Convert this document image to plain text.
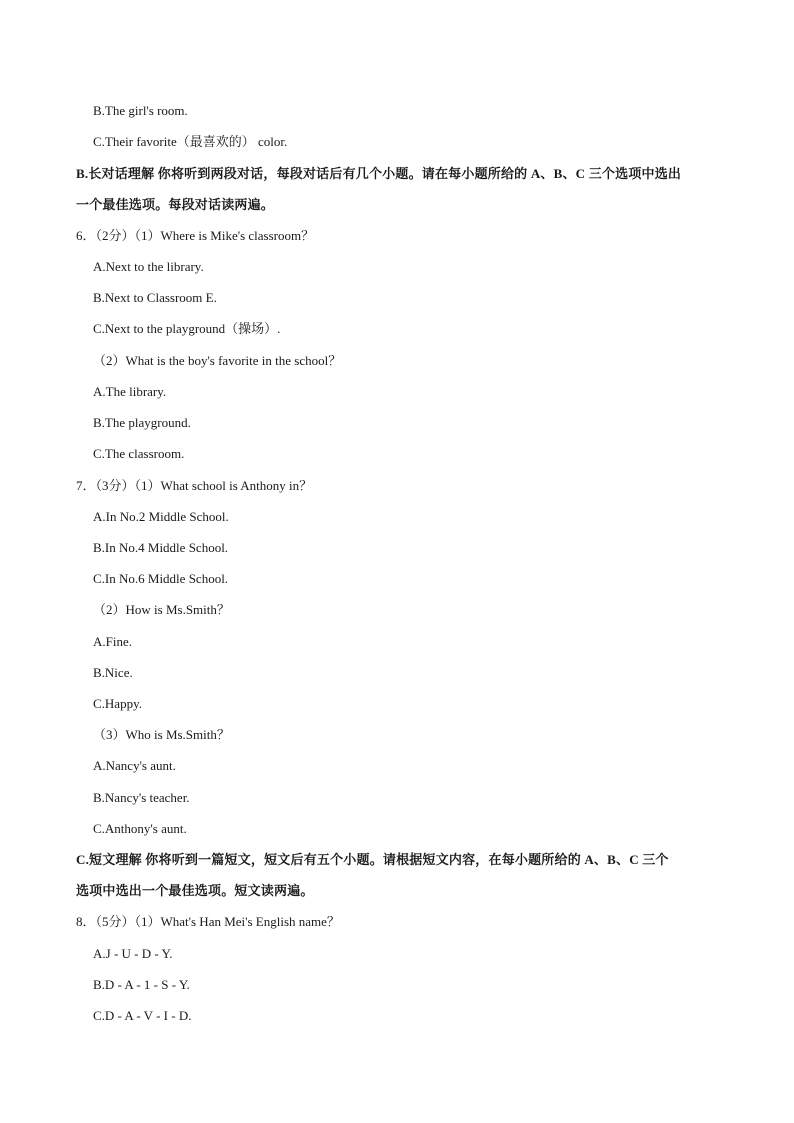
B.The girl's room.
C.Their favorite（最喜欢的） color.
B.长对话理解 你将听到两段对话，每段对话后有几个小题。请在每小题所给的 A、B、C 三个选项中选出
一个最佳选项。每段对话读两遍。
6．（2分）（1）Where is Mike's classroom？
A.Next to the library.
B.Next to Classroom E.
C.Next to the playground（操场）.
（2）What is the boy's favorite in the school？
A.The library.
B.The playground.
C.The classroom.
7．（3分）（1）What school is Anthony in？
A.In No.2 Middle School.
B.In No.4 Middle School.
C.In No.6 Middle School.
（2）How is Ms.Smith？
A.Fine.
B.Nice.
C.Happy.
（3）Who is Ms.Smith？
A.Nancy's aunt.
B.Nancy's teacher.
C.Anthony's aunt.
C.短文理解 你将听到一篇短文，短文后有五个小题。请根据短文内容，在每小题所给的 A、B、C 三个
选项中选出一个最佳选项。短文读两遍。
8．（5分）（1）What's Han Mei's English name？
A.J - U - D - Y.
B.D - A - 1 - S - Y.
C.D - A - V - I - D.
